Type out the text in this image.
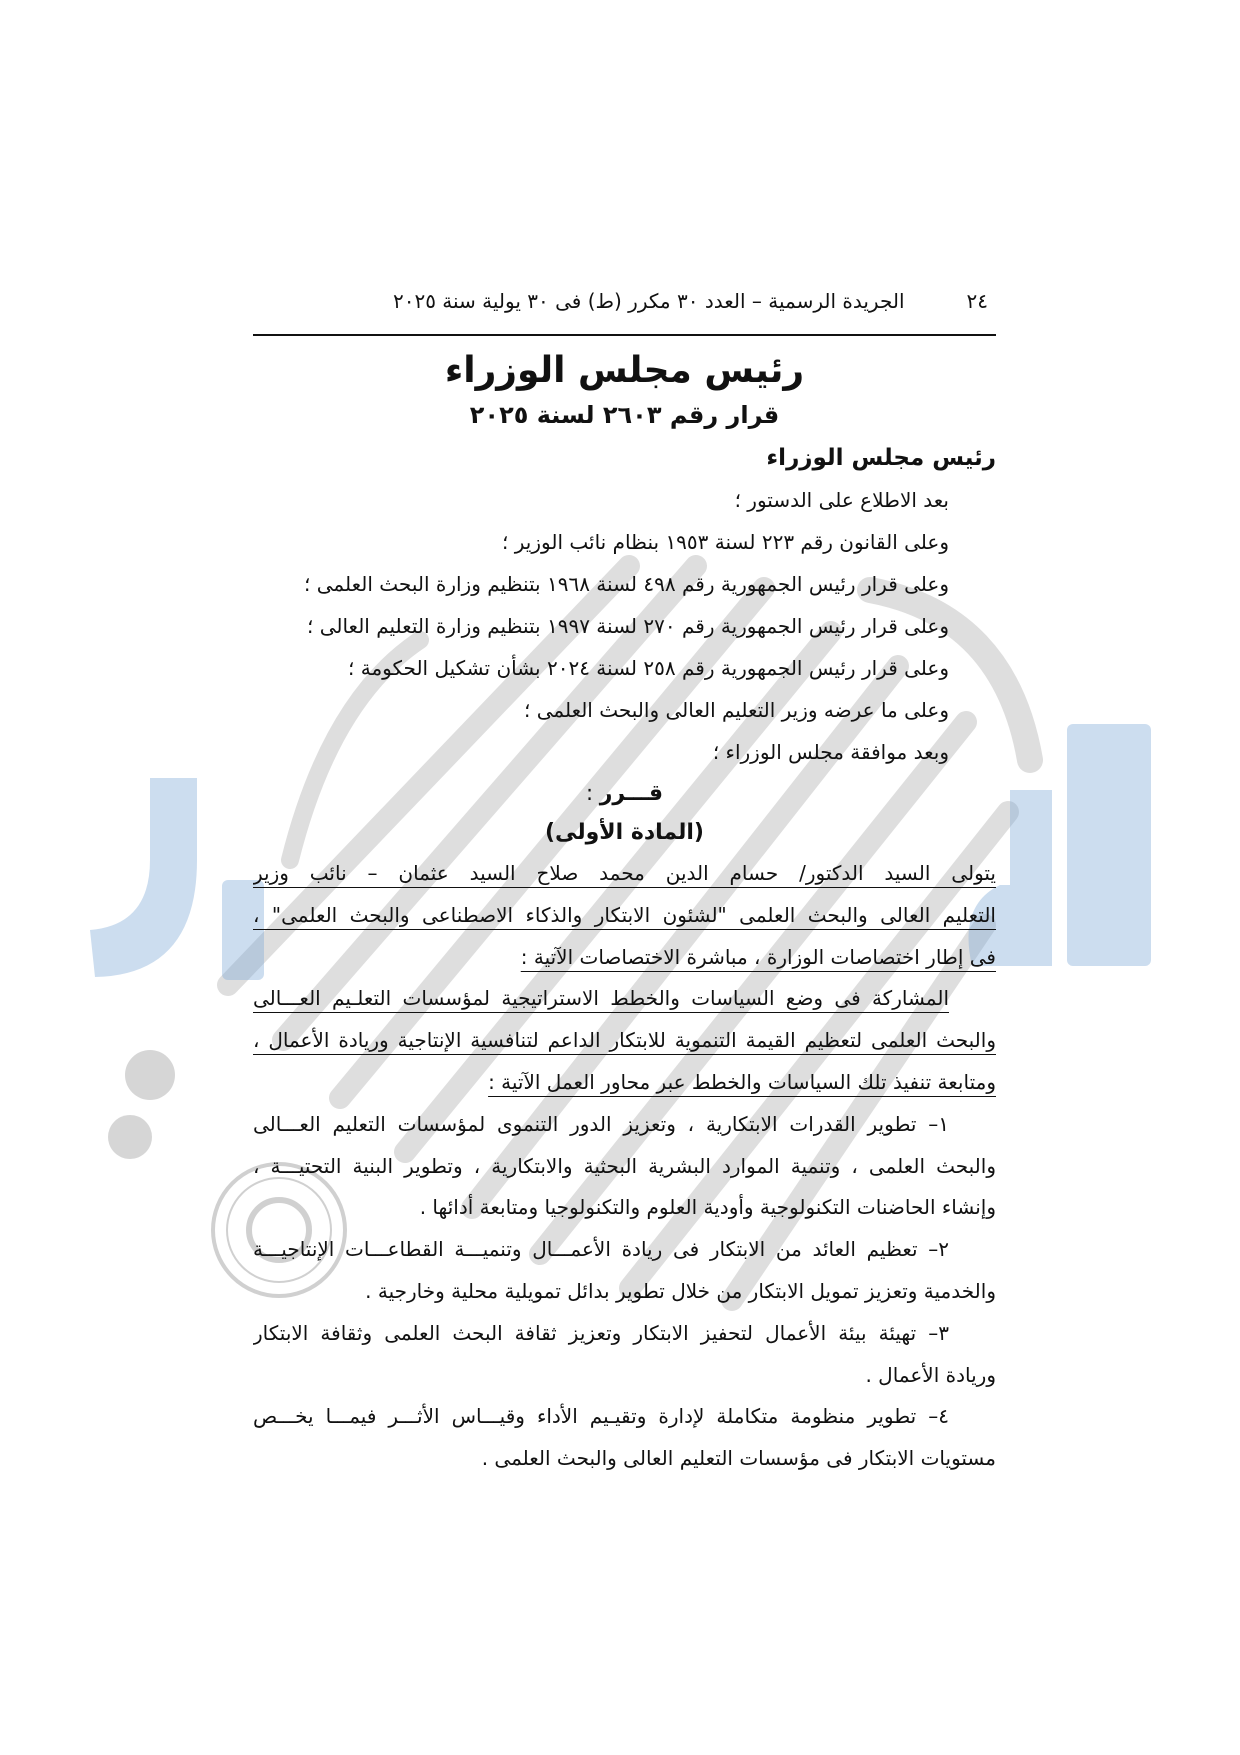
٢٤
الجريدة الرسمية – العدد ٣٠ مكرر (ط) فى ٣٠ يولية سنة ٢٠٢٥
رئيس مجلس الوزراء
قرار رقم ٢٦٠٣ لسنة ٢٠٢٥
رئيس مجلس الوزراء
بعد الاطلاع على الدستور ؛
وعلى القانون رقم ٢٢٣ لسنة ١٩٥٣ بنظام نائب الوزير ؛
وعلى قرار رئيس الجمهورية رقم ٤٩٨ لسنة ١٩٦٨ بتنظيم وزارة البحث العلمى ؛
وعلى قرار رئيس الجمهورية رقم ٢٧٠ لسنة ١٩٩٧ بتنظيم وزارة التعليم العالى ؛
وعلى قرار رئيس الجمهورية رقم ٢٥٨ لسنة ٢٠٢٤ بشأن تشكيل الحكومة ؛
وعلى ما عرضه وزير التعليم العالى والبحث العلمى ؛
وبعد موافقة مجلس الوزراء ؛
قـــرر :
(المادة الأولى)
يتولى السيد الدكتور/ حسام الدين محمد صلاح السيد عثمان – نائب وزير
التعليم العالى والبحث العلمى "لشئون الابتكار والذكاء الاصطناعى والبحث العلمى" ،
فى إطار اختصاصات الوزارة ، مباشرة الاختصاصات الآتية :
المشاركة فى وضع السياسات والخطط الاستراتيجية لمؤسسات التعلـيم العـــالى
والبحث العلمى لتعظيم القيمة التنموية للابتكار الداعم لتنافسية الإنتاجية وريادة الأعمال ،
ومتابعة تنفيذ تلك السياسات والخطط عبر محاور العمل الآتية :
١– تطوير القدرات الابتكارية ، وتعزيز الدور التنموى لمؤسسات التعليم العـــالى
والبحث العلمى ، وتنمية الموارد البشرية البحثية والابتكارية ، وتطوير البنية التحتيـــة ،
وإنشاء الحاضنات التكنولوجية وأودية العلوم والتكنولوجيا ومتابعة أدائها .
٢– تعظيم العائد من الابتكار فى ريادة الأعمـــال وتنميـــة القطاعـــات الإنتاجيـــة
والخدمية وتعزيز تمويل الابتكار من خلال تطوير بدائل تمويلية محلية وخارجية .
٣– تهيئة بيئة الأعمال لتحفيز الابتكار وتعزيز ثقافة البحث العلمى وثقافة الابتكار
وريادة الأعمال .
٤– تطوير منظومة متكاملة لإدارة وتقيـيم الأداء وقيـــاس الأثـــر فيمـــا يخـــص
مستويات الابتكار فى مؤسسات التعليم العالى والبحث العلمى .
